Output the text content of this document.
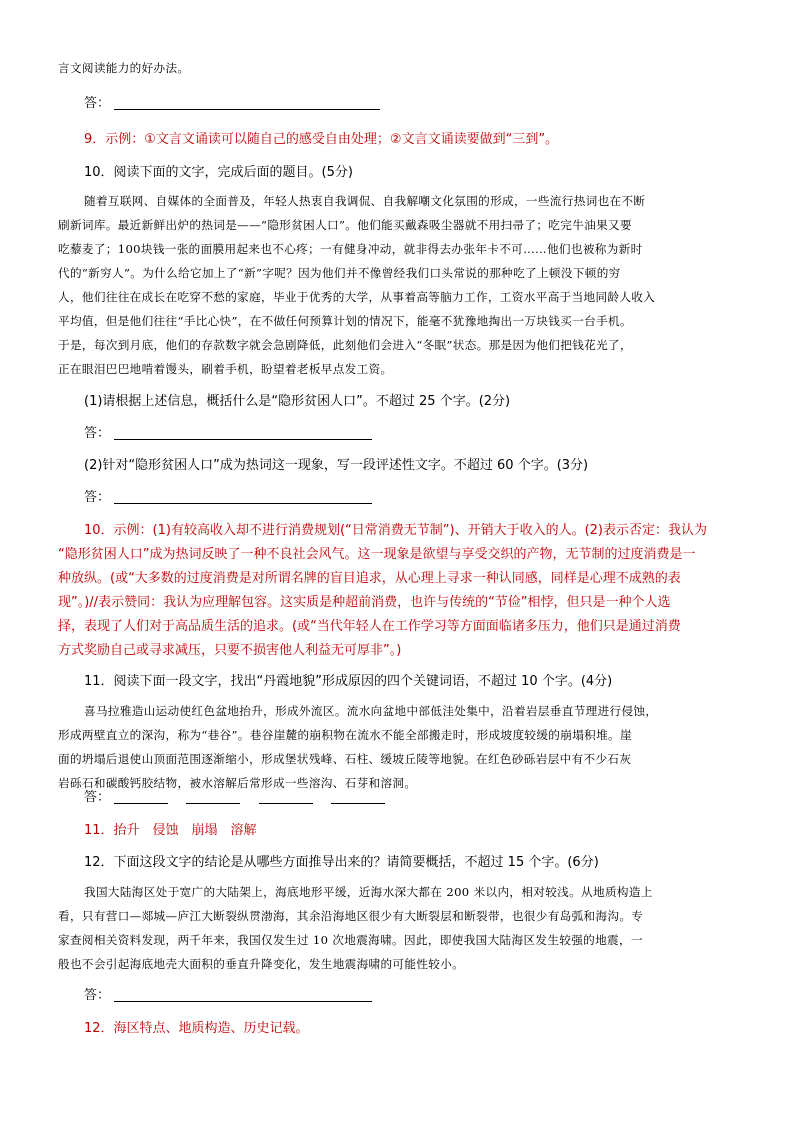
言文阅读能力的好办法。
答：
9．示例：①文言文诵读可以随自己的感受自由处理；②文言文诵读要做到“三到”。
10．阅读下面的文字，完成后面的题目。(5分)
随着互联网、自媒体的全面普及，年轻人热衷自我调侃、自我解嘲文化氛围的形成，一些流行热词也在不断
刷新词库。最近新鲜出炉的热词是——“隐形贫困人口”。他们能买戴森吸尘器就不用扫帚了；吃完牛油果又要
吃藜麦了；100块钱一张的面膜用起来也不心疼；一有健身冲动，就非得去办张年卡不可……他们也被称为新时
代的“新穷人”。为什么给它加上了“新”字呢？因为他们并不像曾经我们口头常说的那种吃了上顿没下顿的穷
人，他们往往在成长在吃穿不愁的家庭，毕业于优秀的大学，从事着高等脑力工作，工资水平高于当地同龄人收入
平均值，但是他们往往“手比心快”，在不做任何预算计划的情况下，能毫不犹豫地掏出一万块钱买一台手机。
于是，每次到月底，他们的存款数字就会急剧降低，此刻他们会进入“冬眠”状态。那是因为他们把钱花光了，
正在眼泪巴巴地啃着馒头，刷着手机，盼望着老板早点发工资。
(1)请根据上述信息，概括什么是“隐形贫困人口”。不超过 25 个字。(2分)
答：
(2)针对“隐形贫困人口”成为热词这一现象，写一段评述性文字。不超过 60 个字。(3分)
答：
10．示例：(1)有较高收入却不进行消费规划(“日常消费无节制”)、开销大于收入的人。(2)表示否定：我认为
“隐形贫困人口”成为热词反映了一种不良社会风气。这一现象是欲望与享受交织的产物，无节制的过度消费是一
种放纵。(或“大多数的过度消费是对所谓名牌的盲目追求，从心理上寻求一种认同感，同样是心理不成熟的表
现”。)//表示赞同：我认为应理解包容。这实质是种超前消费，也许与传统的“节俭”相悖，但只是一种个人选
择，表现了人们对于高品质生活的追求。(或“当代年轻人在工作学习等方面面临诸多压力，他们只是通过消费
方式奖励自己或寻求减压，只要不损害他人利益无可厚非”。)
11．阅读下面一段文字，找出“丹霞地貌”形成原因的四个关键词语，不超过 10 个字。(4分)
喜马拉雅造山运动使红色盆地抬升，形成外流区。流水向盆地中部低洼处集中，沿着岩层垂直节理进行侵蚀，
形成两壁直立的深沟，称为“巷谷”。巷谷崖麓的崩积物在流水不能全部搬走时，形成坡度较缓的崩塌积堆。崖
面的坍塌后退使山顶面范围逐渐缩小，形成堡状残峰、石柱、缓坡丘陵等地貌。在红色砂砾岩层中有不少石灰
岩砾石和碳酸钙胶结物，被水溶解后常形成一些溶沟、石芽和溶洞。
答：
11．抬升　侵蚀　崩塌　溶解
12．下面这段文字的结论是从哪些方面推导出来的？请简要概括，不超过 15 个字。(6分)
我国大陆海区处于宽广的大陆架上，海底地形平缓，近海水深大都在 200 米以内，相对较浅。从地质构造上
看，只有营口—郯城—庐江大断裂纵贯渤海，其余沿海地区很少有大断裂层和断裂带，也很少有岛弧和海沟。专
家查阅相关资料发现，两千年来，我国仅发生过 10 次地震海啸。因此，即使我国大陆海区发生较强的地震，一
般也不会引起海底地壳大面积的垂直升降变化，发生地震海啸的可能性较小。
答：
12．海区特点、地质构造、历史记载。
